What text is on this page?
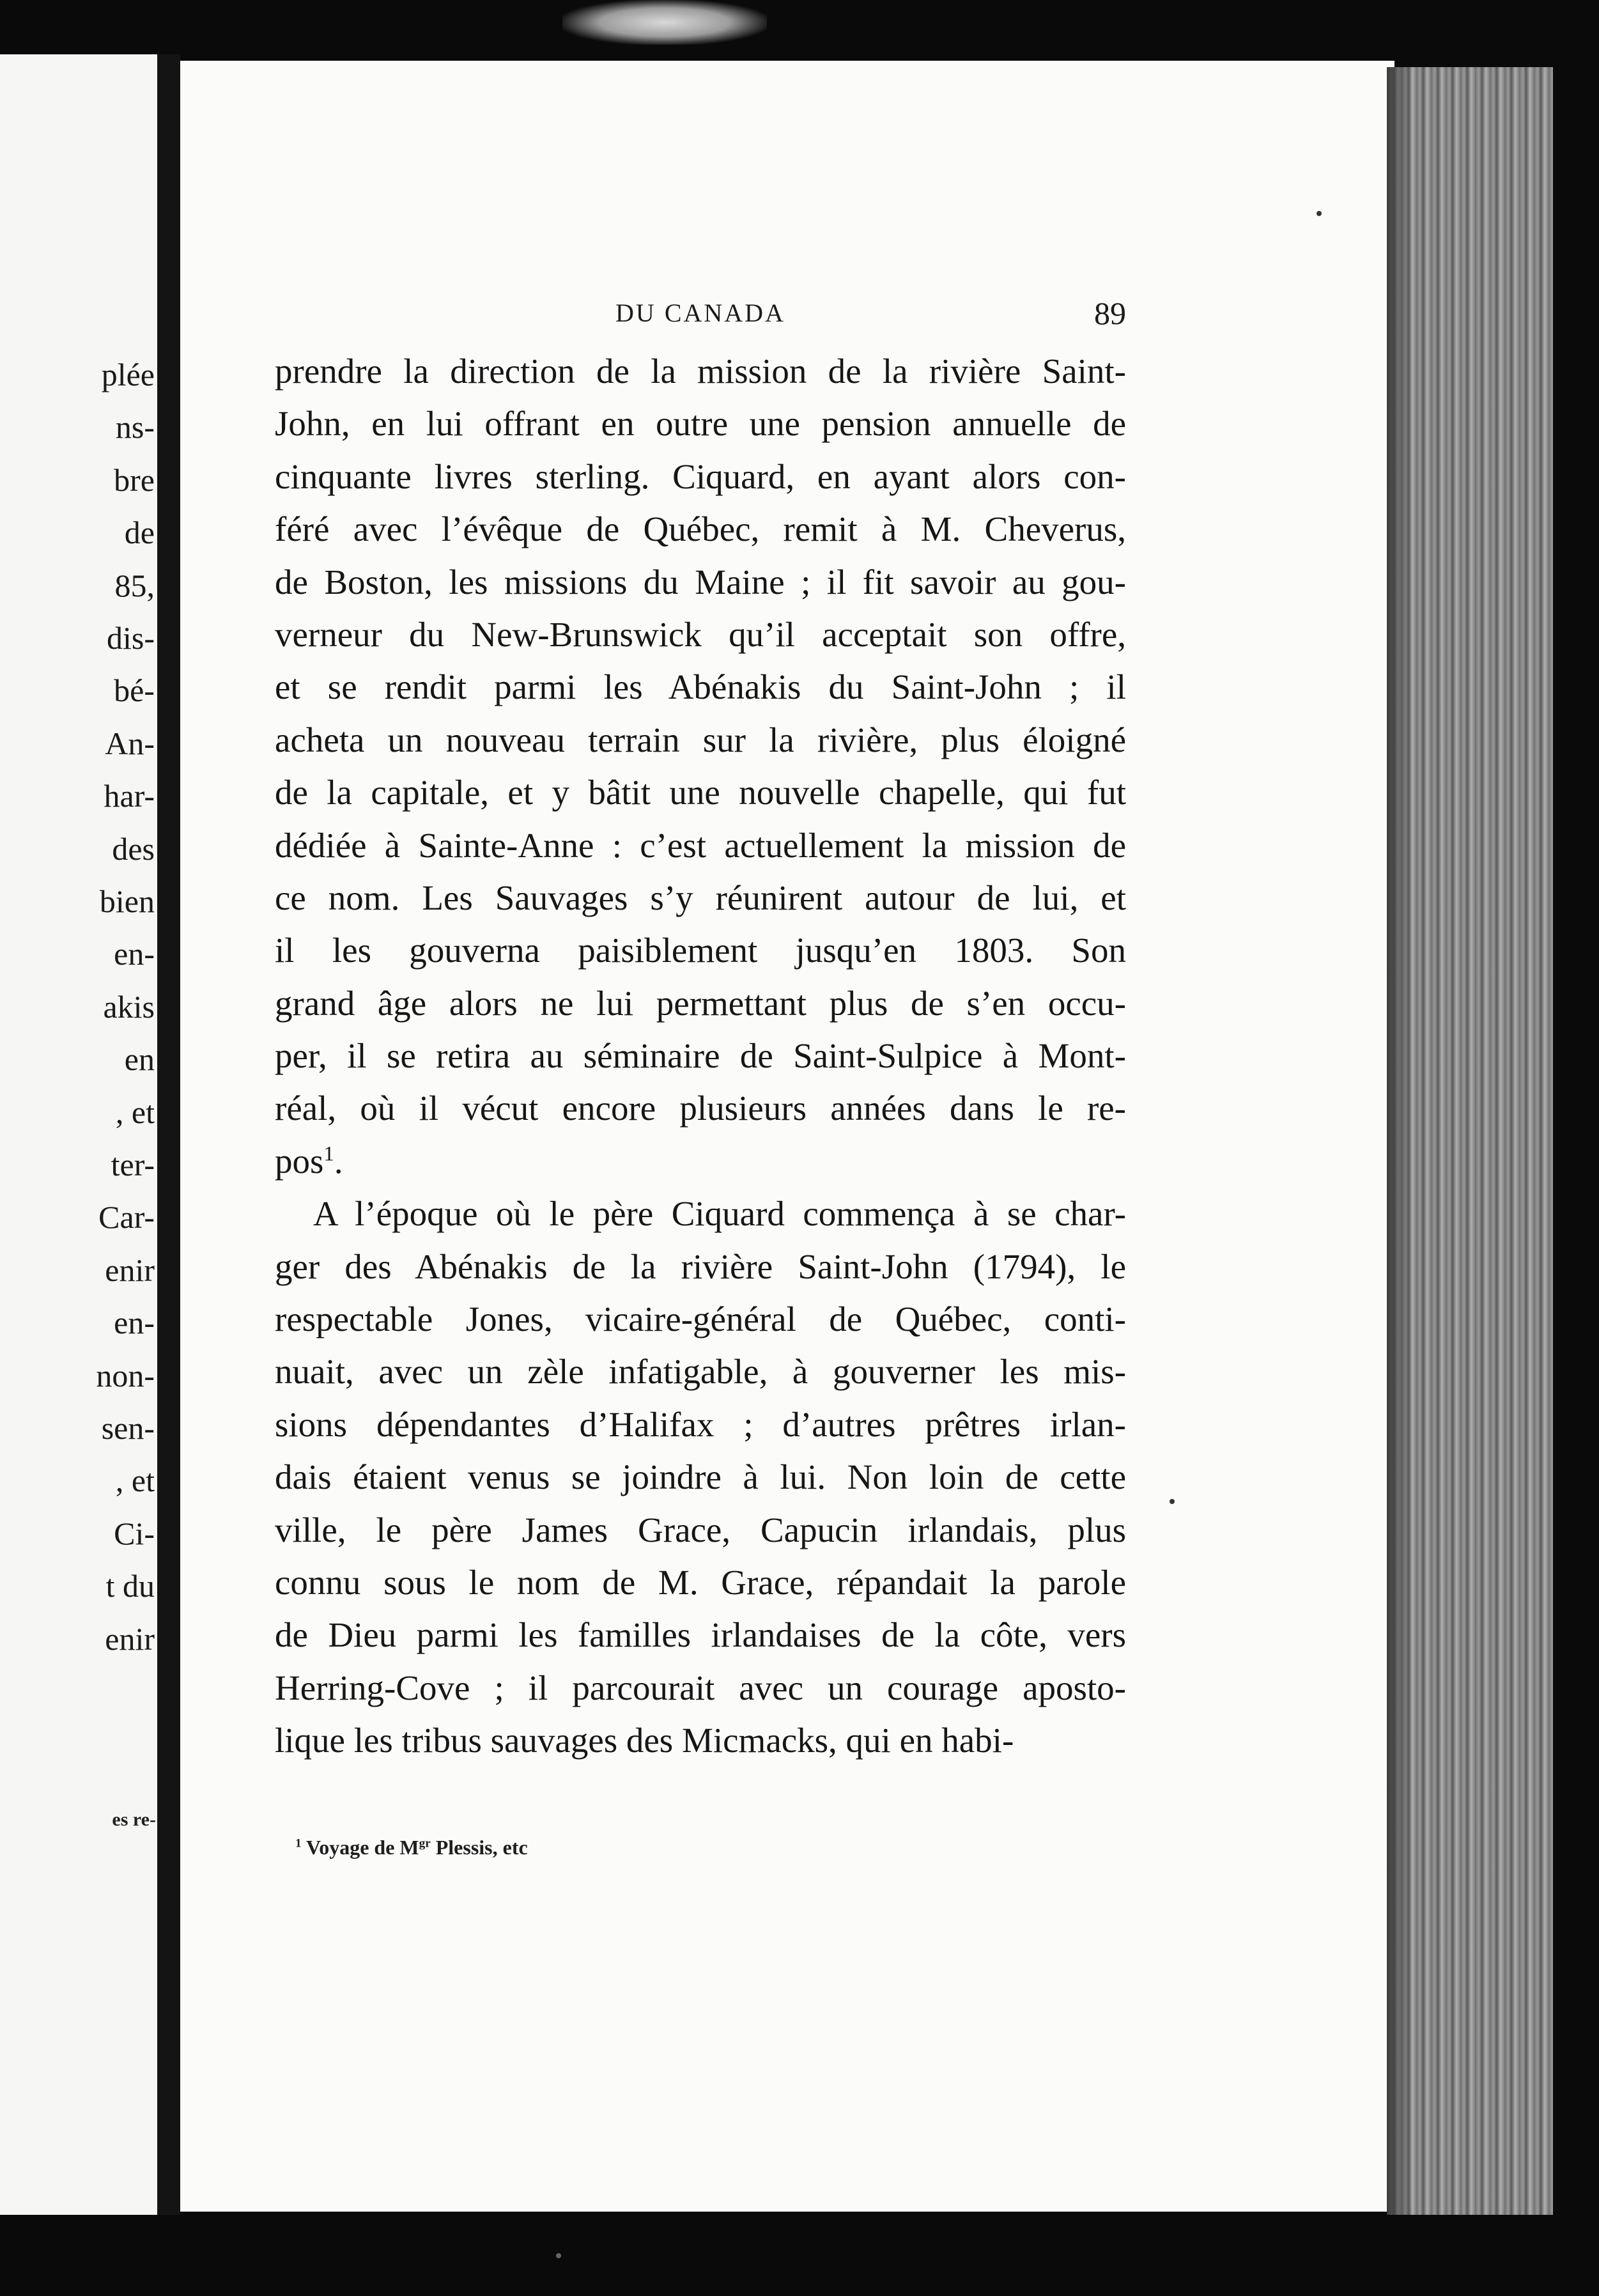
es re-
plée
ns-
bre
de
85,
dis-
bé-
An-
har-
des
bien
en-
akis
en
, et
ter-
Car-
enir
en-
non-
sen-
, et
Ci-
t du
enir
DU CANADA	89
prendre la direction de la mission de la rivière Saint-
John, en lui offrant en outre une pension annuelle de
cinquante livres sterling. Ciquard, en ayant alors con-
féré avec l’évêque de Québec, remit à M. Cheverus,
de Boston, les missions du Maine ; il fit savoir au gou-
verneur du New-Brunswick qu’il acceptait son offre,
et se rendit parmi les Abénakis du Saint-John ; il
acheta un nouveau terrain sur la rivière, plus éloigné
de la capitale, et y bâtit une nouvelle chapelle, qui fut
dédiée à Sainte-Anne : c’est actuellement la mission de
ce nom. Les Sauvages s’y réunirent autour de lui, et
il les gouverna paisiblement jusqu’en 1803. Son
grand âge alors ne lui permettant plus de s’en occu-
per, il se retira au séminaire de Saint-Sulpice à Mont-
réal, où il vécut encore plusieurs années dans le re-
pos$^1$.
A l’époque où le père Ciquard commença à se char-
ger des Abénakis de la rivière Saint-John (1794), le
respectable Jones, vicaire-général de Québec, conti-
nuait, avec un zèle infatigable, à gouverner les mis-
sions dépendantes d’Halifax ; d’autres prêtres irlan-
dais étaient venus se joindre à lui. Non loin de cette
ville, le père James Grace, Capucin irlandais, plus
connu sous le nom de M. Grace, répandait la parole
de Dieu parmi les familles irlandaises de la côte, vers
Herring-Cove ; il parcourait avec un courage aposto-
lique les tribus sauvages des Micmacks, qui en habi-
$^1$ Voyage de $M^{gr}$ Plessis, etc
